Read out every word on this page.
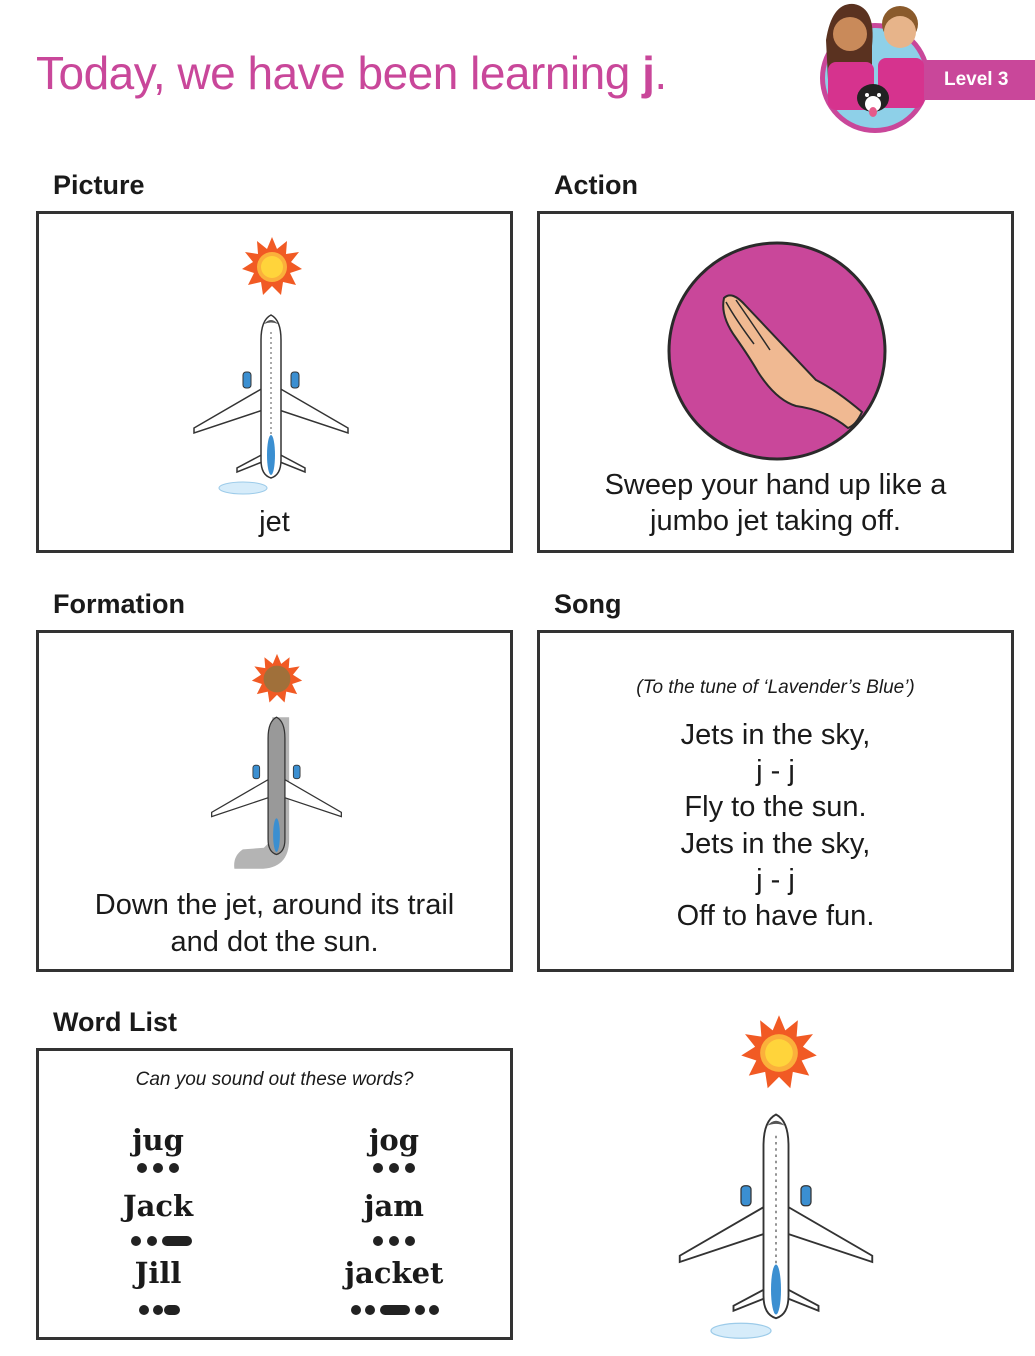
Today, we have been learning j.	Level 3
Picture
jet
Action
Sweep your hand up like a
jumbo jet taking off.
Formation
Down the jet, around its trail
and dot the sun.
Song
(To the tune of ‘Lavender’s Blue’)
Jets in the sky,
j - j
Fly to the sun.
Jets in the sky,
j - j
Off to have fun.
Word List
Can you sound out these words?
jug	jog
Jack	jam
Jill	jacket
